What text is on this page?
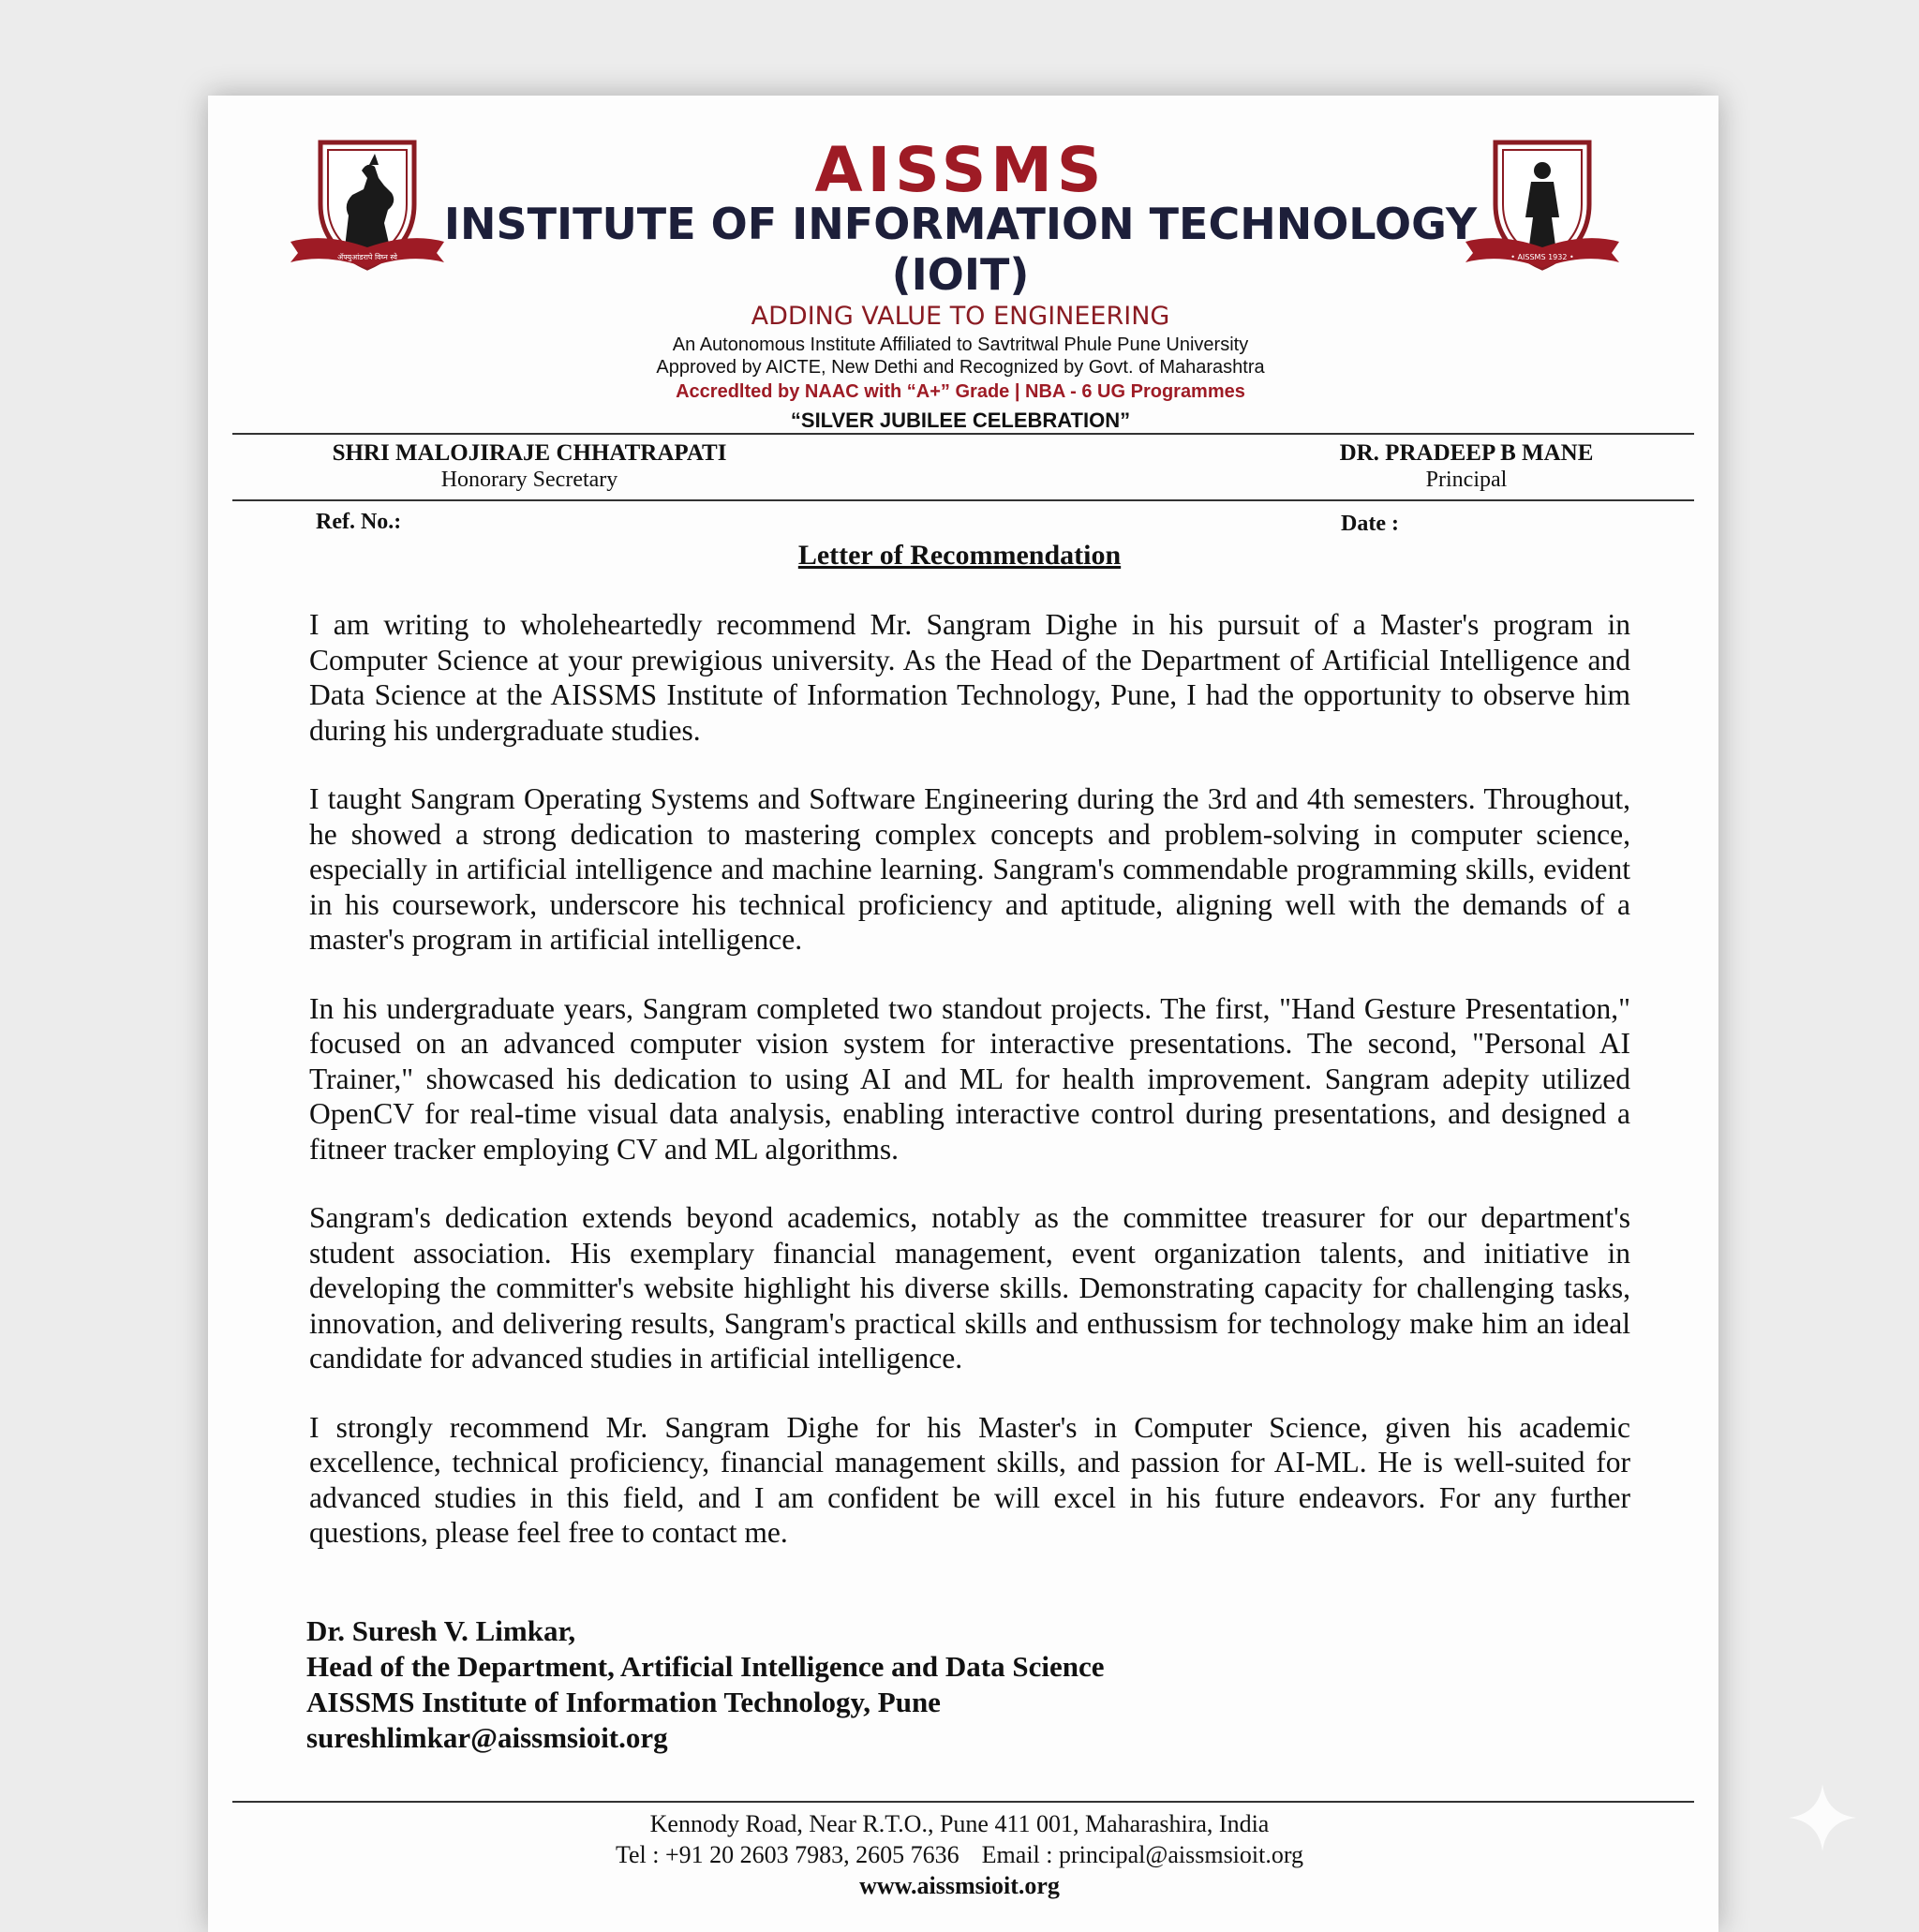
ॲफ्युआंडरापे विघ्न स्वे	• AISSMS 1932 •
AISSMS
INSTITUTE OF INFORMATION TECHNOLOGY
(IOIT)
ADDING VALUE TO ENGINEERING
An Autonomous Institute Affiliated to Savtritwal Phule Pune University
Approved by AICTE, New Dethi and Recognized by Govt. of Maharashtra
Accredlted by NAAC with “A+” Grade | NBA - 6 UG Programmes
“SILVER JUBILEE CELEBRATION”
SHRI MALOJIRAJE CHHATRAPATI
Honorary Secretary
DR. PRADEEP B MANE
Principal
Ref. No.:	Date :
Letter of Recommendation

I am writing to wholeheartedly recommend Mr. Sangram Dighe in his pursuit of a Master's program in Computer Science at your prewigious university. As the Head of the Department of Artificial Intelligence and Data Science at the AISSMS Institute of Information Technology, Pune, I had the opportunity to observe him during his undergraduate studies.

I taught Sangram Operating Systems and Software Engineering during the 3rd and 4th semesters. Throughout, he showed a strong dedication to mastering complex concepts and problem-solving in computer science, especially in artificial intelligence and machine learning. Sangram's commendable programming skills, evident in his coursework, underscore his technical proficiency and aptitude, aligning well with the demands of a master's program in artificial intelligence.

In his undergraduate years, Sangram completed two standout projects. The first, "Hand Gesture Presentation," focused on an advanced computer vision system for interactive presentations. The second, "Personal AI Trainer," showcased his dedication to using AI and ML for health improvement. Sangram adepity utilized OpenCV for real-time visual data analysis, enabling interactive control during presentations, and designed a fitneer tracker employing CV and ML algorithms.

Sangram's dedication extends beyond academics, notably as the committee treasurer for our department's student association. His exemplary financial management, event organization talents, and initiative in developing the committer's website highlight his diverse skills. Demonstrating capacity for challenging tasks, innovation, and delivering results, Sangram's practical skills and enthussism for technology make him an ideal candidate for advanced studies in artificial intelligence.

I strongly recommend Mr. Sangram Dighe for his Master's in Computer Science, given his academic excellence, technical proficiency, financial management skills, and passion for AI-ML. He is well-suited for advanced studies in this field, and I am confident be will excel in his future endeavors. For any further questions, please feel free to contact me.

Dr. Suresh V. Limkar,
Head of the Department, Artificial Intelligence and Data Science
AISSMS Institute of Information Technology, Pune
sureshlimkar@aissmsioit.org
Kennody Road, Near R.T.O., Pune 411 001, Maharashira, India
Tel : +91 20 2603 7983, 2605 7636 Email : principal@aissmsioit.org
www.aissmsioit.org
